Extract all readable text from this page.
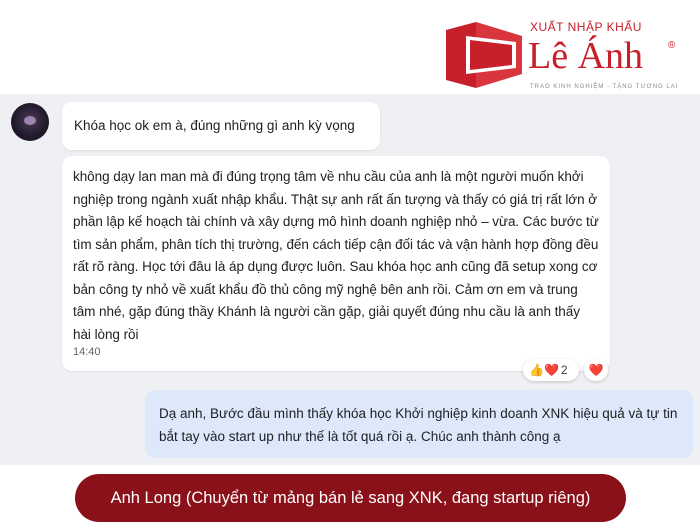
XUẤT NHẬP KHẨU
Lê Ánh ®
TRAO KINH NGHIỆM - TẶNG TƯƠNG LAI
Khóa học ok em à, đúng những gì anh kỳ vọng
không dạy lan man mà đi đúng trọng tâm về nhu cầu của anh là một người muốn khởi nghiệp trong ngành xuất nhập khẩu. Thật sự anh rất ấn tượng và thấy có giá trị rất lớn ở phần lập kế hoạch tài chính và xây dựng mô hình doanh nghiệp nhỏ – vừa. Các bước từ tìm sản phẩm, phân tích thị trường, đến cách tiếp cận đối tác và vận hành hợp đồng đều rất rõ ràng. Học tới đâu là áp dụng được luôn. Sau khóa học anh cũng đã setup xong cơ bản công ty nhỏ về xuất khẩu đồ thủ công mỹ nghệ bên anh rồi. Cảm ơn em và trung tâm nhé, gặp đúng thầy Khánh là người cần gặp, giải quyết đúng nhu cầu là anh thấy hài lòng rồi
14:40
👍❤️ 2 ❤️
Dạ anh, Bước đầu mình thấy khóa học Khởi nghiệp kinh doanh XNK hiệu quả và tự tin bắt tay vào start up như thế là tốt quá rồi ạ. Chúc anh thành công ạ
Anh Long (Chuyển từ mảng bán lẻ sang XNK, đang startup riêng)
